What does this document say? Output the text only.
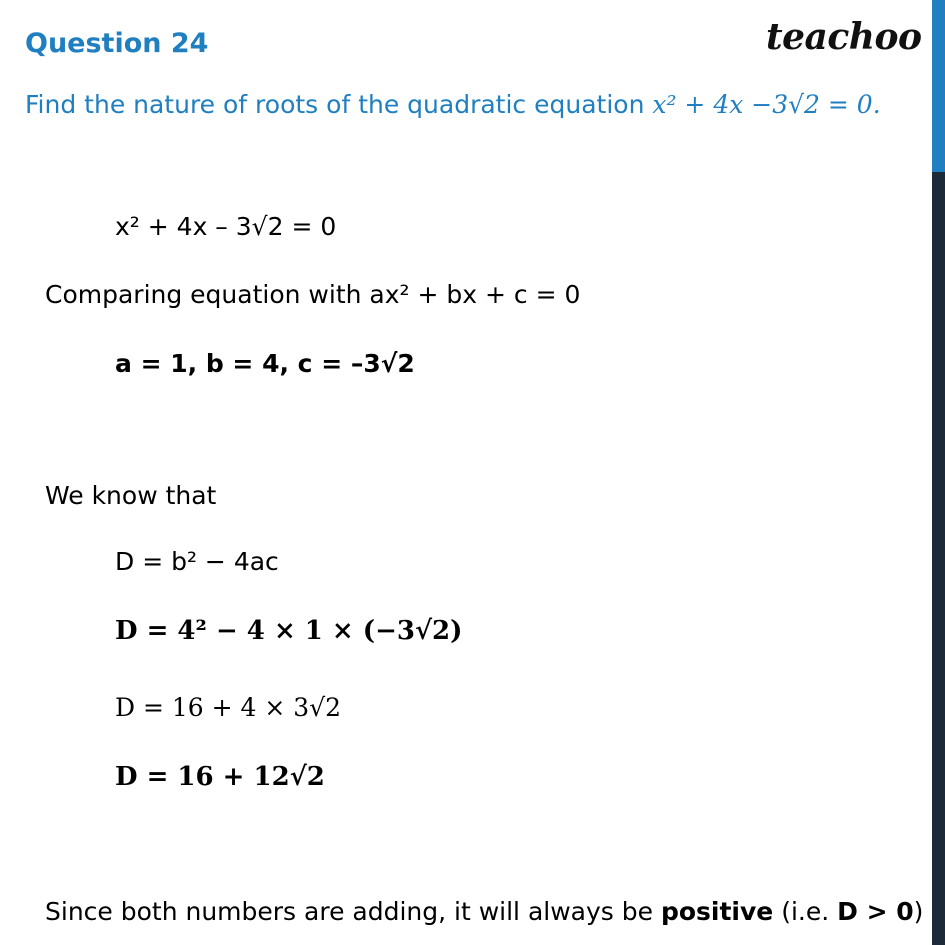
Question 24	teachoo
Find the nature of roots of the quadratic equation x² + 4x −3√2 = 0.
x² + 4x – 3√2 = 0
Comparing equation with ax² + bx + c = 0
a = 1, b = 4, c = –3√2
We know that
D = b² − 4ac
D = 4² − 4 × 1 × (−3√2)
D = 16 + 4 × 3√2
D = 16 + 12√2
Since both numbers are adding, it will always be positive (i.e. D > 0)
